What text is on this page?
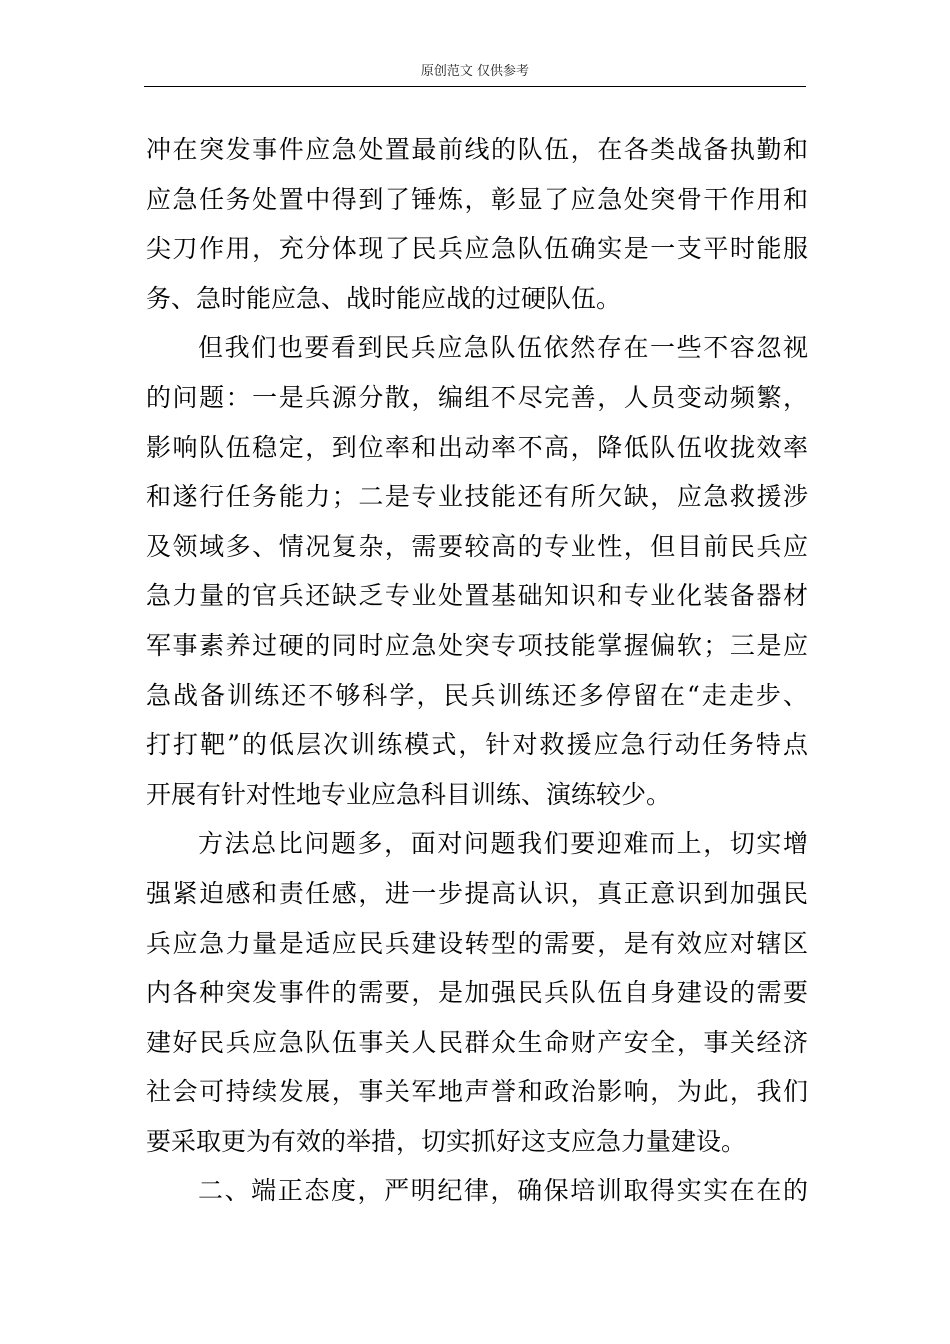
原创范文 仅供参考
冲在突发事件应急处置最前线的队伍，在各类战备执勤和
应急任务处置中得到了锤炼，彰显了应急处突骨干作用和
尖刀作用，充分体现了民兵应急队伍确实是一支平时能服
务、急时能应急、战时能应战的过硬队伍。
但我们也要看到民兵应急队伍依然存在一些不容忽视
的问题：一是兵源分散，编组不尽完善，人员变动频繁，
影响队伍稳定，到位率和出动率不高，降低队伍收拢效率
和遂行任务能力；二是专业技能还有所欠缺，应急救援涉
及领域多、情况复杂，需要较高的专业性，但目前民兵应
急力量的官兵还缺乏专业处置基础知识和专业化装备器材
军事素养过硬的同时应急处突专项技能掌握偏软；三是应
急战备训练还不够科学，民兵训练还多停留在“走走步、
打打靶”的低层次训练模式，针对救援应急行动任务特点
开展有针对性地专业应急科目训练、演练较少。
方法总比问题多，面对问题我们要迎难而上，切实增
强紧迫感和责任感，进一步提高认识，真正意识到加强民
兵应急力量是适应民兵建设转型的需要，是有效应对辖区
内各种突发事件的需要，是加强民兵队伍自身建设的需要
建好民兵应急队伍事关人民群众生命财产安全，事关经济
社会可持续发展，事关军地声誉和政治影响，为此，我们
要采取更为有效的举措，切实抓好这支应急力量建设。
二、端正态度，严明纪律，确保培训取得实实在在的
